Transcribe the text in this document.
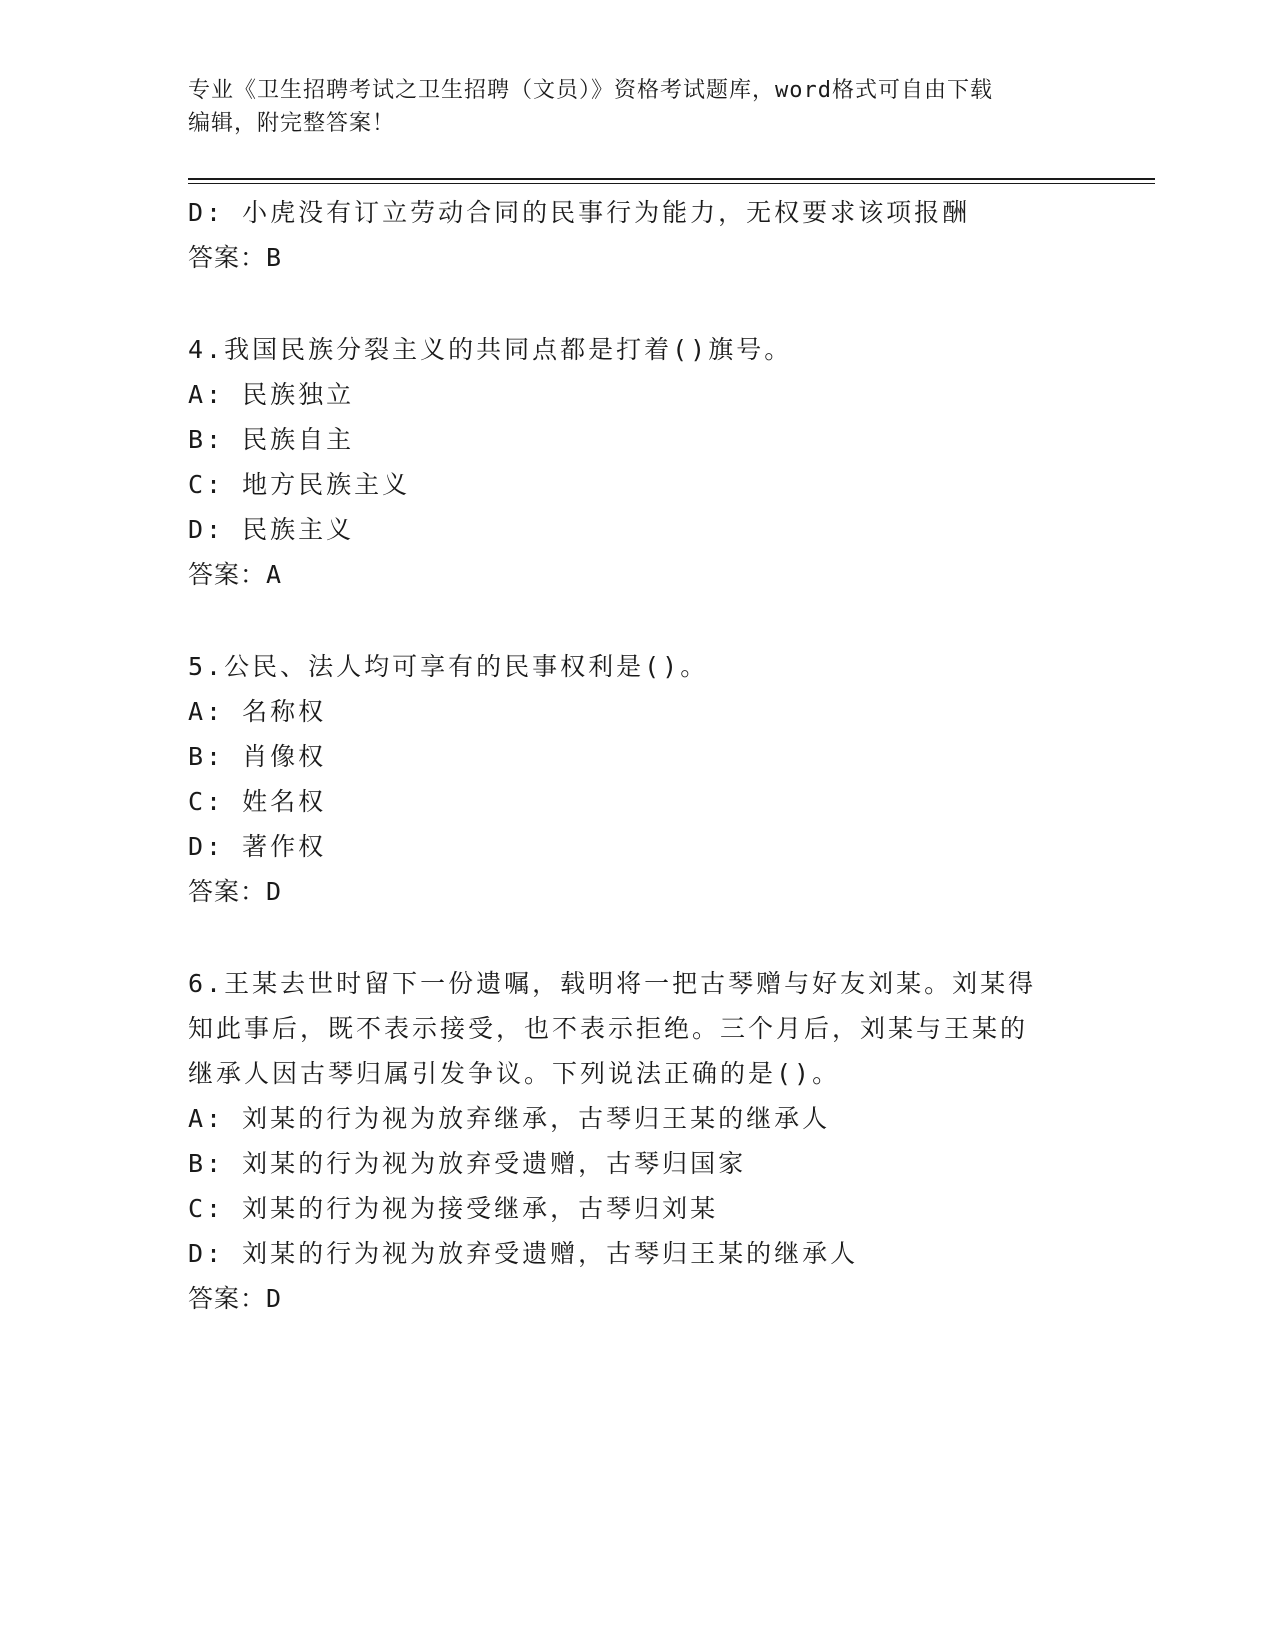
专业《卫生招聘考试之卫生招聘（文员）》资格考试题库，word格式可自由下载
编辑，附完整答案！
D: 小虎没有订立劳动合同的民事行为能力，无权要求该项报酬
答案：B
4.我国民族分裂主义的共同点都是打着()旗号。
A: 民族独立
B: 民族自主
C: 地方民族主义
D: 民族主义
答案：A
5.公民、法人均可享有的民事权利是()。
A: 名称权
B: 肖像权
C: 姓名权
D: 著作权
答案：D
6.王某去世时留下一份遗嘱，载明将一把古琴赠与好友刘某。刘某得
知此事后，既不表示接受，也不表示拒绝。三个月后，刘某与王某的
继承人因古琴归属引发争议。下列说法正确的是()。
A: 刘某的行为视为放弃继承，古琴归王某的继承人
B: 刘某的行为视为放弃受遗赠，古琴归国家
C: 刘某的行为视为接受继承，古琴归刘某
D: 刘某的行为视为放弃受遗赠，古琴归王某的继承人
答案：D
